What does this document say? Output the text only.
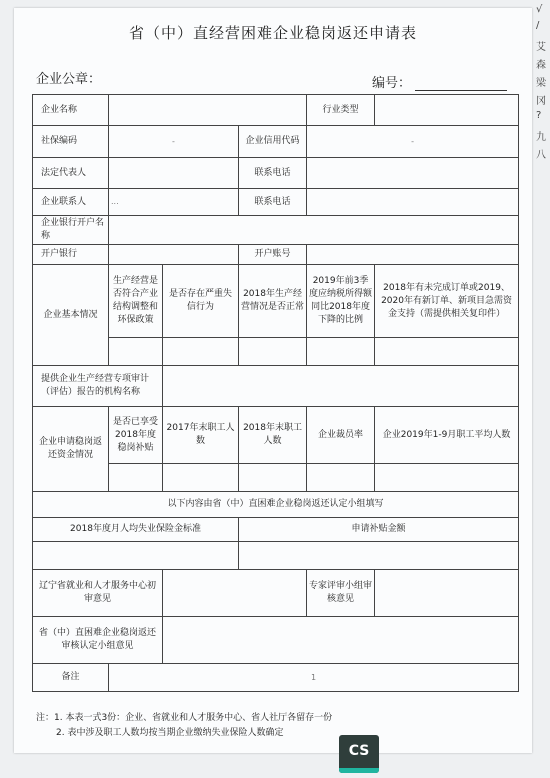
省（中）直经营困难企业稳岗返还申请表
企业公章：	编号：
企业名称				行业类型	
社保编码	-		企业信用代码	-	
法定代表人			联系电话		
企业联系人	...		联系电话		
企业银行开户名称					
开户银行			开户账号		
企业基本情况	生产经营是否符合产业结构调整和环保政策	是否存在严重失信行为	2018年生产经营情况是否正常	2019年前3季度应纳税所得额同比2018年度下降的比例	2018年有未完成订单或2019、2020年有新订单、新项目急需资金支持（需提供相关复印件）

提供企业生产经营专项审计（评估）报告的机构名称					
企业申请稳岗返还资金情况	是否已享受2018年度稳岗补贴	2017年末职工人数	2018年末职工人数	企业裁员率	企业2019年1-9月职工平均人数

以下内容由省（中）直困难企业稳岗返还认定小组填写					
2018年度月人均失业保险金标准			申请补贴金额		

辽宁省就业和人才服务中心初审意见				专家评审小组审核意见	
省（中）直困难企业稳岗返还审核认定小组意见					
备注	1				
注：1. 本表一式3份：企业、省就业和人才服务中心、省人社厅各留存一份
2. 表中涉及职工人数均按当期企业缴纳失业保险人数确定
√
/
艾
森
梁
冈
?
九
八
CS
